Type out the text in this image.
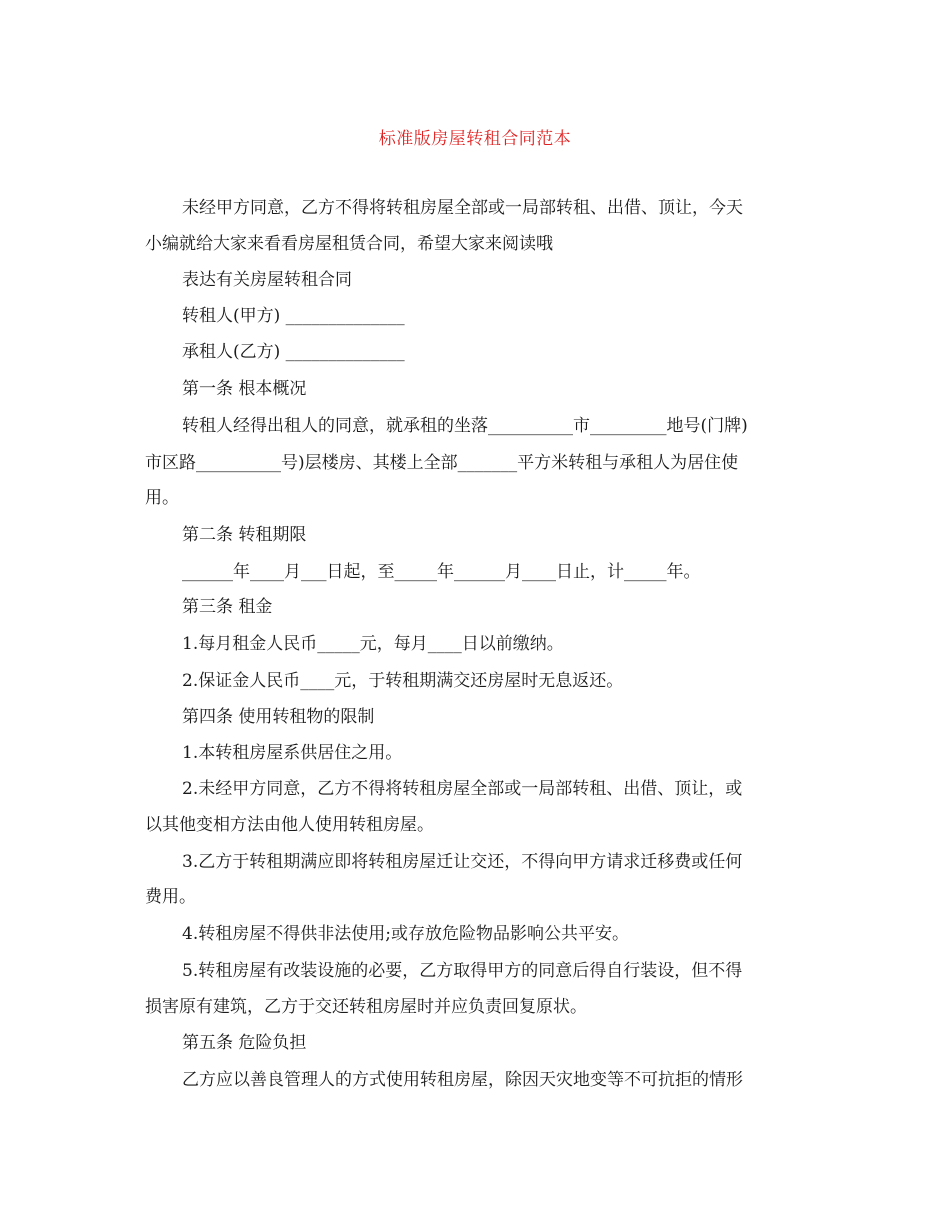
标准版房屋转租合同范本
未经甲方同意，乙方不得将转租房屋全部或一局部转租、出借、顶让，今天
小编就给大家来看看房屋租赁合同，希望大家来阅读哦
表达有关房屋转租合同
转租人(甲方) ______________
承租人(乙方) ______________
第一条 根本概况
转租人经得出租人的同意，就承租的坐落__________市_________地号(门牌)
市区路__________号)层楼房、其楼上全部_______平方米转租与承租人为居住使
用。
第二条 转租期限
______年____月___日起，至_____年______月____日止，计_____年。
第三条 租金
1.每月租金人民币_____元，每月____日以前缴纳。
2.保证金人民币____元，于转租期满交还房屋时无息返还。
第四条 使用转租物的限制
1.本转租房屋系供居住之用。
2.未经甲方同意，乙方不得将转租房屋全部或一局部转租、出借、顶让，或
以其他变相方法由他人使用转租房屋。
3.乙方于转租期满应即将转租房屋迁让交还，不得向甲方请求迁移费或任何
费用。
4.转租房屋不得供非法使用;或存放危险物品影响公共平安。
5.转租房屋有改装设施的必要，乙方取得甲方的同意后得自行装设，但不得
损害原有建筑，乙方于交还转租房屋时并应负责回复原状。
第五条 危险负担
乙方应以善良管理人的方式使用转租房屋，除因天灾地变等不可抗拒的情形
